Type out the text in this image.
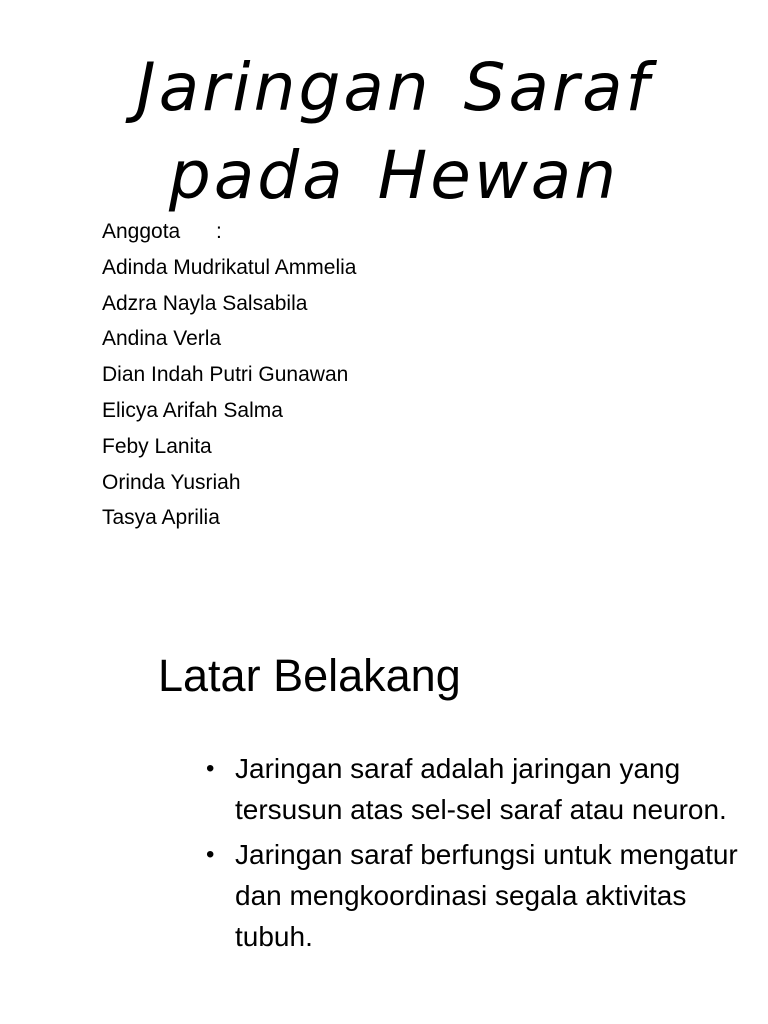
Jaringan Saraf
pada Hewan
Anggota	:
Adinda Mudrikatul Ammelia
Adzra Nayla Salsabila
Andina Verla
Dian Indah Putri Gunawan
Elicya Arifah Salma
Feby Lanita
Orinda Yusriah
Tasya Aprilia
Latar Belakang
• Jaringan saraf adalah jaringan yang tersusun atas sel-sel saraf atau neuron.
• Jaringan saraf berfungsi untuk mengatur dan mengkoordinasi segala aktivitas tubuh.
